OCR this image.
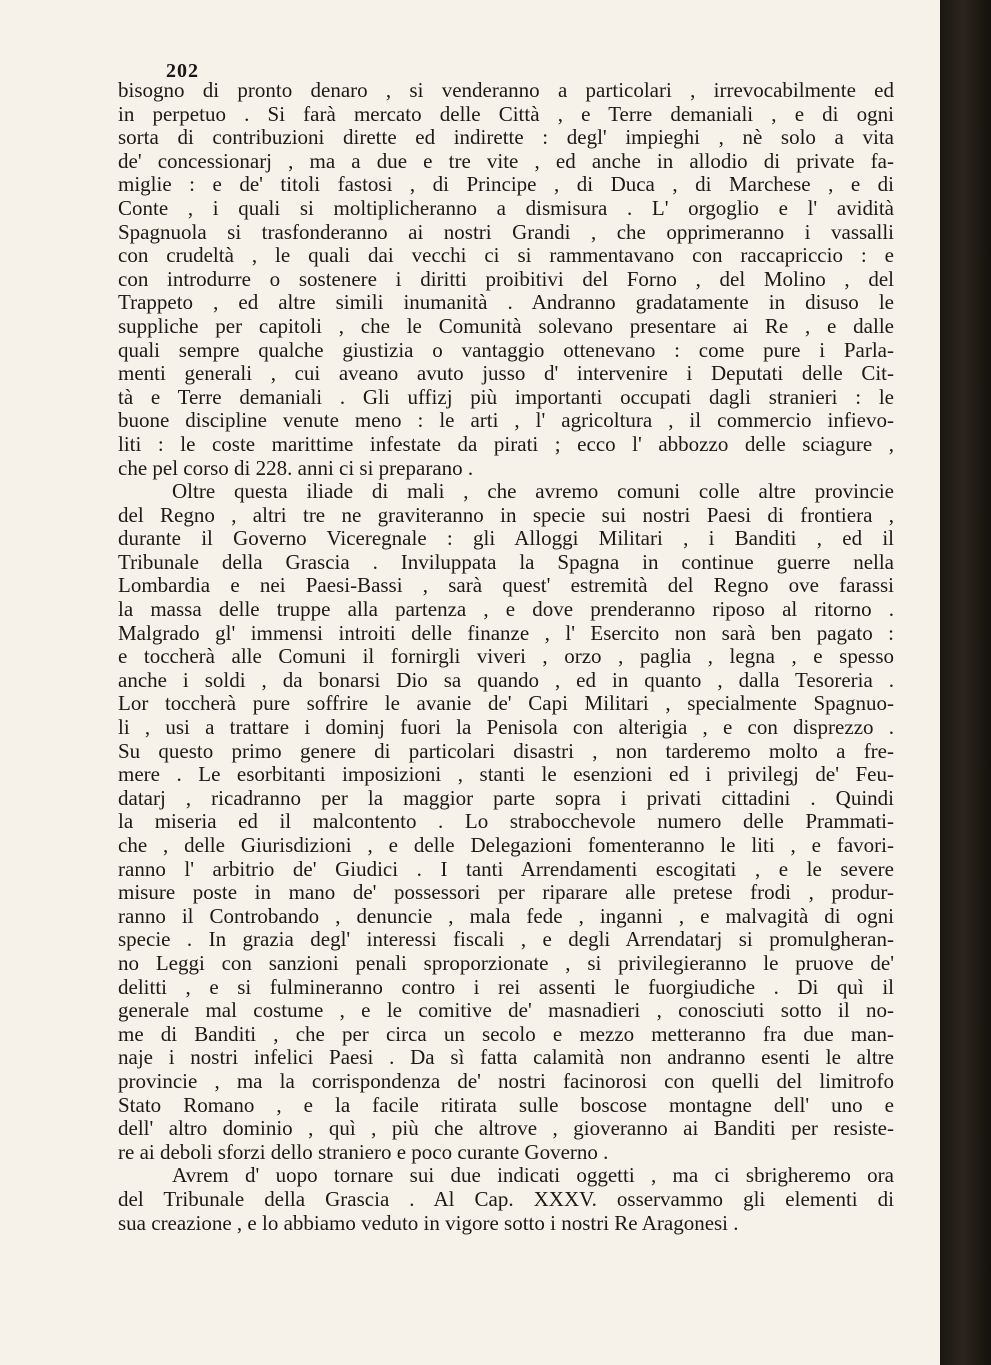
202

bisogno di pronto denaro , si venderanno a particolari , irrevocabilmente ed
in perpetuo . Si farà mercato delle Città , e Terre demaniali , e di ogni
sorta di contribuzioni dirette ed indirette : degl' impieghi , nè solo a vita
de' concessionarj , ma a due e tre vite , ed anche in allodio di private fa-
miglie : e de' titoli fastosi , di Principe , di Duca , di Marchese , e di
Conte , i quali si moltiplicheranno a dismisura . L' orgoglio e l' avidità
Spagnuola si trasfonderanno ai nostri Grandi , che opprimeranno i vassalli
con crudeltà , le quali dai vecchi ci si rammentavano con raccapriccio : e
con introdurre o sostenere i diritti proibitivi del Forno , del Molino , del
Trappeto , ed altre simili inumanità . Andranno gradatamente in disuso le
suppliche per capitoli , che le Comunità solevano presentare ai Re , e dalle
quali sempre qualche giustizia o vantaggio ottenevano : come pure i Parla-
menti generali , cui aveano avuto jusso d' intervenire i Deputati delle Cit-
tà e Terre demaniali . Gli uffizj più importanti occupati dagli stranieri : le
buone discipline venute meno : le arti , l' agricoltura , il commercio infievo-
liti : le coste marittime infestate da pirati ; ecco l' abbozzo delle sciagure ,
che pel corso di 228. anni ci si preparano .
Oltre questa iliade di mali , che avremo comuni colle altre provincie
del Regno , altri tre ne graviteranno in specie sui nostri Paesi di frontiera ,
durante il Governo Viceregnale : gli Alloggi Militari , i Banditi , ed il
Tribunale della Grascia . Inviluppata la Spagna in continue guerre nella
Lombardia e nei Paesi-Bassi , sarà quest' estremità del Regno ove farassi
la massa delle truppe alla partenza , e dove prenderanno riposo al ritorno .
Malgrado gl' immensi introiti delle finanze , l' Esercito non sarà ben pagato :
e toccherà alle Comuni il fornirgli viveri , orzo , paglia , legna , e spesso
anche i soldi , da bonarsi Dio sa quando , ed in quanto , dalla Tesoreria .
Lor toccherà pure soffrire le avanie de' Capi Militari , specialmente Spagnuo-
li , usi a trattare i dominj fuori la Penisola con alterigia , e con disprezzo .
Su questo primo genere di particolari disastri , non tarderemo molto a fre-
mere . Le esorbitanti imposizioni , stanti le esenzioni ed i privilegj de' Feu-
datarj , ricadranno per la maggior parte sopra i privati cittadini . Quindi
la miseria ed il malcontento . Lo strabocchevole numero delle Prammati-
che , delle Giurisdizioni , e delle Delegazioni fomenteranno le liti , e favori-
ranno l' arbitrio de' Giudici . I tanti Arrendamenti escogitati , e le severe
misure poste in mano de' possessori per riparare alle pretese frodi , produr-
ranno il Controbando , denuncie , mala fede , inganni , e malvagità di ogni
specie . In grazia degl' interessi fiscali , e degli Arrendatarj si promulgheran-
no Leggi con sanzioni penali sproporzionate , si privilegieranno le pruove de'
delitti , e si fulmineranno contro i rei assenti le fuorgiudiche . Di quì il
generale mal costume , e le comitive de' masnadieri , conosciuti sotto il no-
me di Banditi , che per circa un secolo e mezzo metteranno fra due man-
naje i nostri infelici Paesi . Da sì fatta calamità non andranno esenti le altre
provincie , ma la corrispondenza de' nostri facinorosi con quelli del limitrofo
Stato Romano , e la facile ritirata sulle boscose montagne dell' uno e
dell' altro dominio , quì , più che altrove , gioveranno ai Banditi per resiste-
re ai deboli sforzi dello straniero e poco curante Governo .
Avrem d' uopo tornare sui due indicati oggetti , ma ci sbrigheremo ora
del Tribunale della Grascia . Al Cap. XXXV. osservammo gli elementi di
sua creazione , e lo abbiamo veduto in vigore sotto i nostri Re Aragonesi .
